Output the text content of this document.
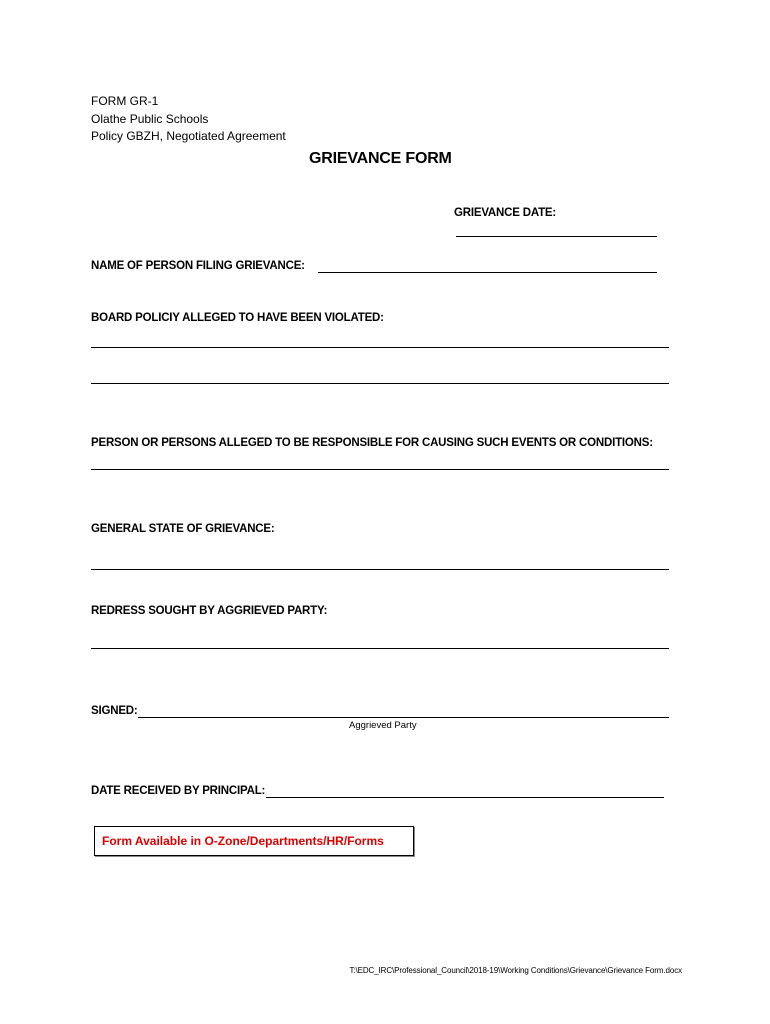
FORM GR-1
Olathe Public Schools
Policy GBZH, Negotiated Agreement
GRIEVANCE FORM
GRIEVANCE DATE:
NAME OF PERSON FILING GRIEVANCE:
BOARD POLICIY ALLEGED TO HAVE BEEN VIOLATED:
PERSON OR PERSONS ALLEGED TO BE RESPONSIBLE FOR CAUSING SUCH EVENTS OR CONDITIONS:
GENERAL STATE OF GRIEVANCE:
REDRESS SOUGHT BY AGGRIEVED PARTY:
SIGNED:
Aggrieved Party
DATE RECEIVED BY PRINCIPAL:
Form Available in O-Zone/Departments/HR/Forms
T:\EDC_IRC\Professional_Council\2018-19\Working Conditions\Grievance\Grievance Form.docx
